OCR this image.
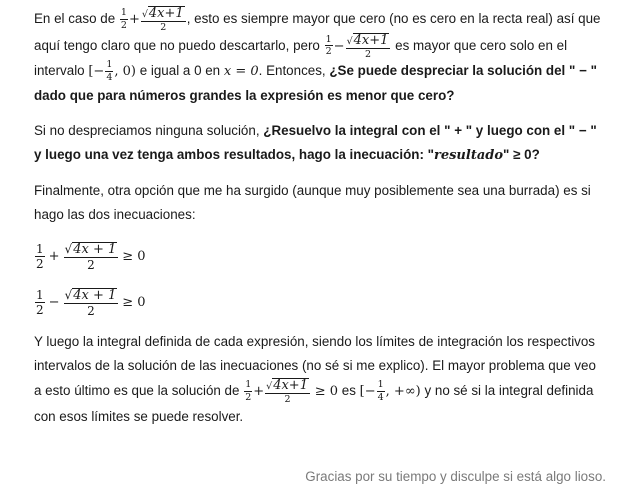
En el caso de $\frac{1}{2} + \frac{√4x+1}{2}$ , esto es siempre mayor que cero (no es cero en la recta real) así que aquí tengo claro que no puedo descartarlo, pero $\frac{1}{2} - \frac{√4x+1}{2}$ es mayor que cero solo en el intervalo [− $\frac{1}{4}$ , 0) e igual a 0 en x = 0. Entonces, ¿Se puede despreciar la solución del " − " dado que para números grandes la expresión es menor que cero?

Si no despreciamos ninguna solución, ¿Resuelvo la integral con el " + " y luego con el " − " y luego una vez tenga ambos resultados, hago la inecuación: "resultado" ≥ 0?

Finalmente, otra opción que me ha surgido (aunque muy posiblemente sea una burrada) es si hago las dos inecuaciones:

$\frac{1}{2} + \frac{√4x + 1}{2} \ge 0$
$\frac{1}{2} - \frac{√4x + 1}{2} \ge 0$

Y luego la integral definida de cada expresión, siendo los límites de integración los respectivos intervalos de la solución de las inecuaciones (no sé si me explico). El mayor problema que veo a esto último es que la solución de $\frac{1}{2} + \frac{√4x+1}{2} \ge 0$ es [− $\frac{1}{4}$ , +∞) y no sé si la integral definida con esos límites se puede resolver.

Gracias por su tiempo y disculpe si está algo lioso.
